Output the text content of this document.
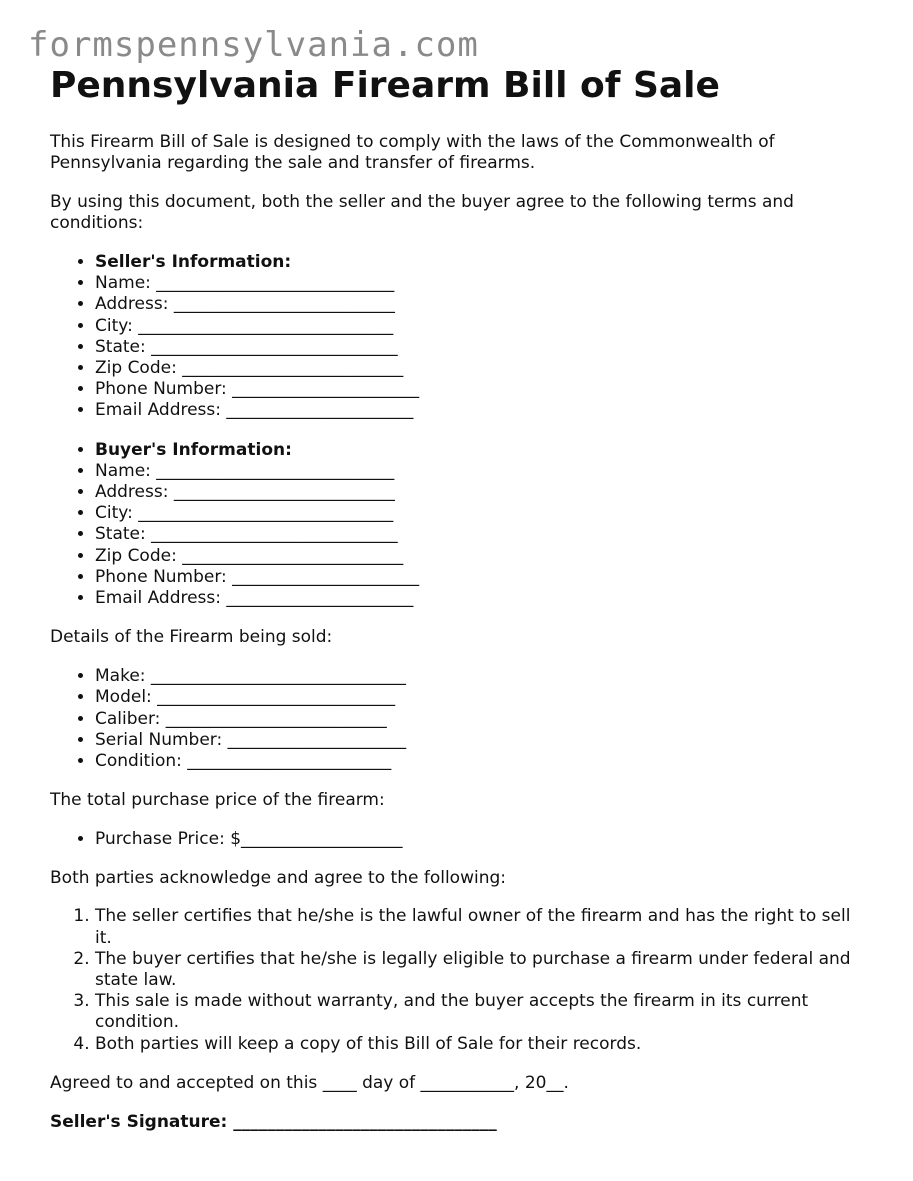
formspennsylvania.com
Pennsylvania Firearm Bill of Sale

This Firearm Bill of Sale is designed to comply with the laws of the Commonwealth of Pennsylvania regarding the sale and transfer of firearms.

By using this document, both the seller and the buyer agree to the following terms and conditions:

• Seller's Information:
• Name: ____________________________
• Address: __________________________
• City: ______________________________
• State: _____________________________
• Zip Code: __________________________
• Phone Number: ______________________
• Email Address: ______________________
• Buyer's Information:
• Name: ____________________________
• Address: __________________________
• City: ______________________________
• State: _____________________________
• Zip Code: __________________________
• Phone Number: ______________________
• Email Address: ______________________

Details of the Firearm being sold:

• Make: ______________________________
• Model: ____________________________
• Caliber: __________________________
• Serial Number: _____________________
• Condition: ________________________

The total purchase price of the firearm:

• Purchase Price: $___________________

Both parties acknowledge and agree to the following:

1. The seller certifies that he/she is the lawful owner of the firearm and has the right to sell it.
2. The buyer certifies that he/she is legally eligible to purchase a firearm under federal and state law.
3. This sale is made without warranty, and the buyer accepts the firearm in its current condition.
4. Both parties will keep a copy of this Bill of Sale for their records.

Agreed to and accepted on this ____ day of ___________, 20__.

Seller's Signature: _______________________________
